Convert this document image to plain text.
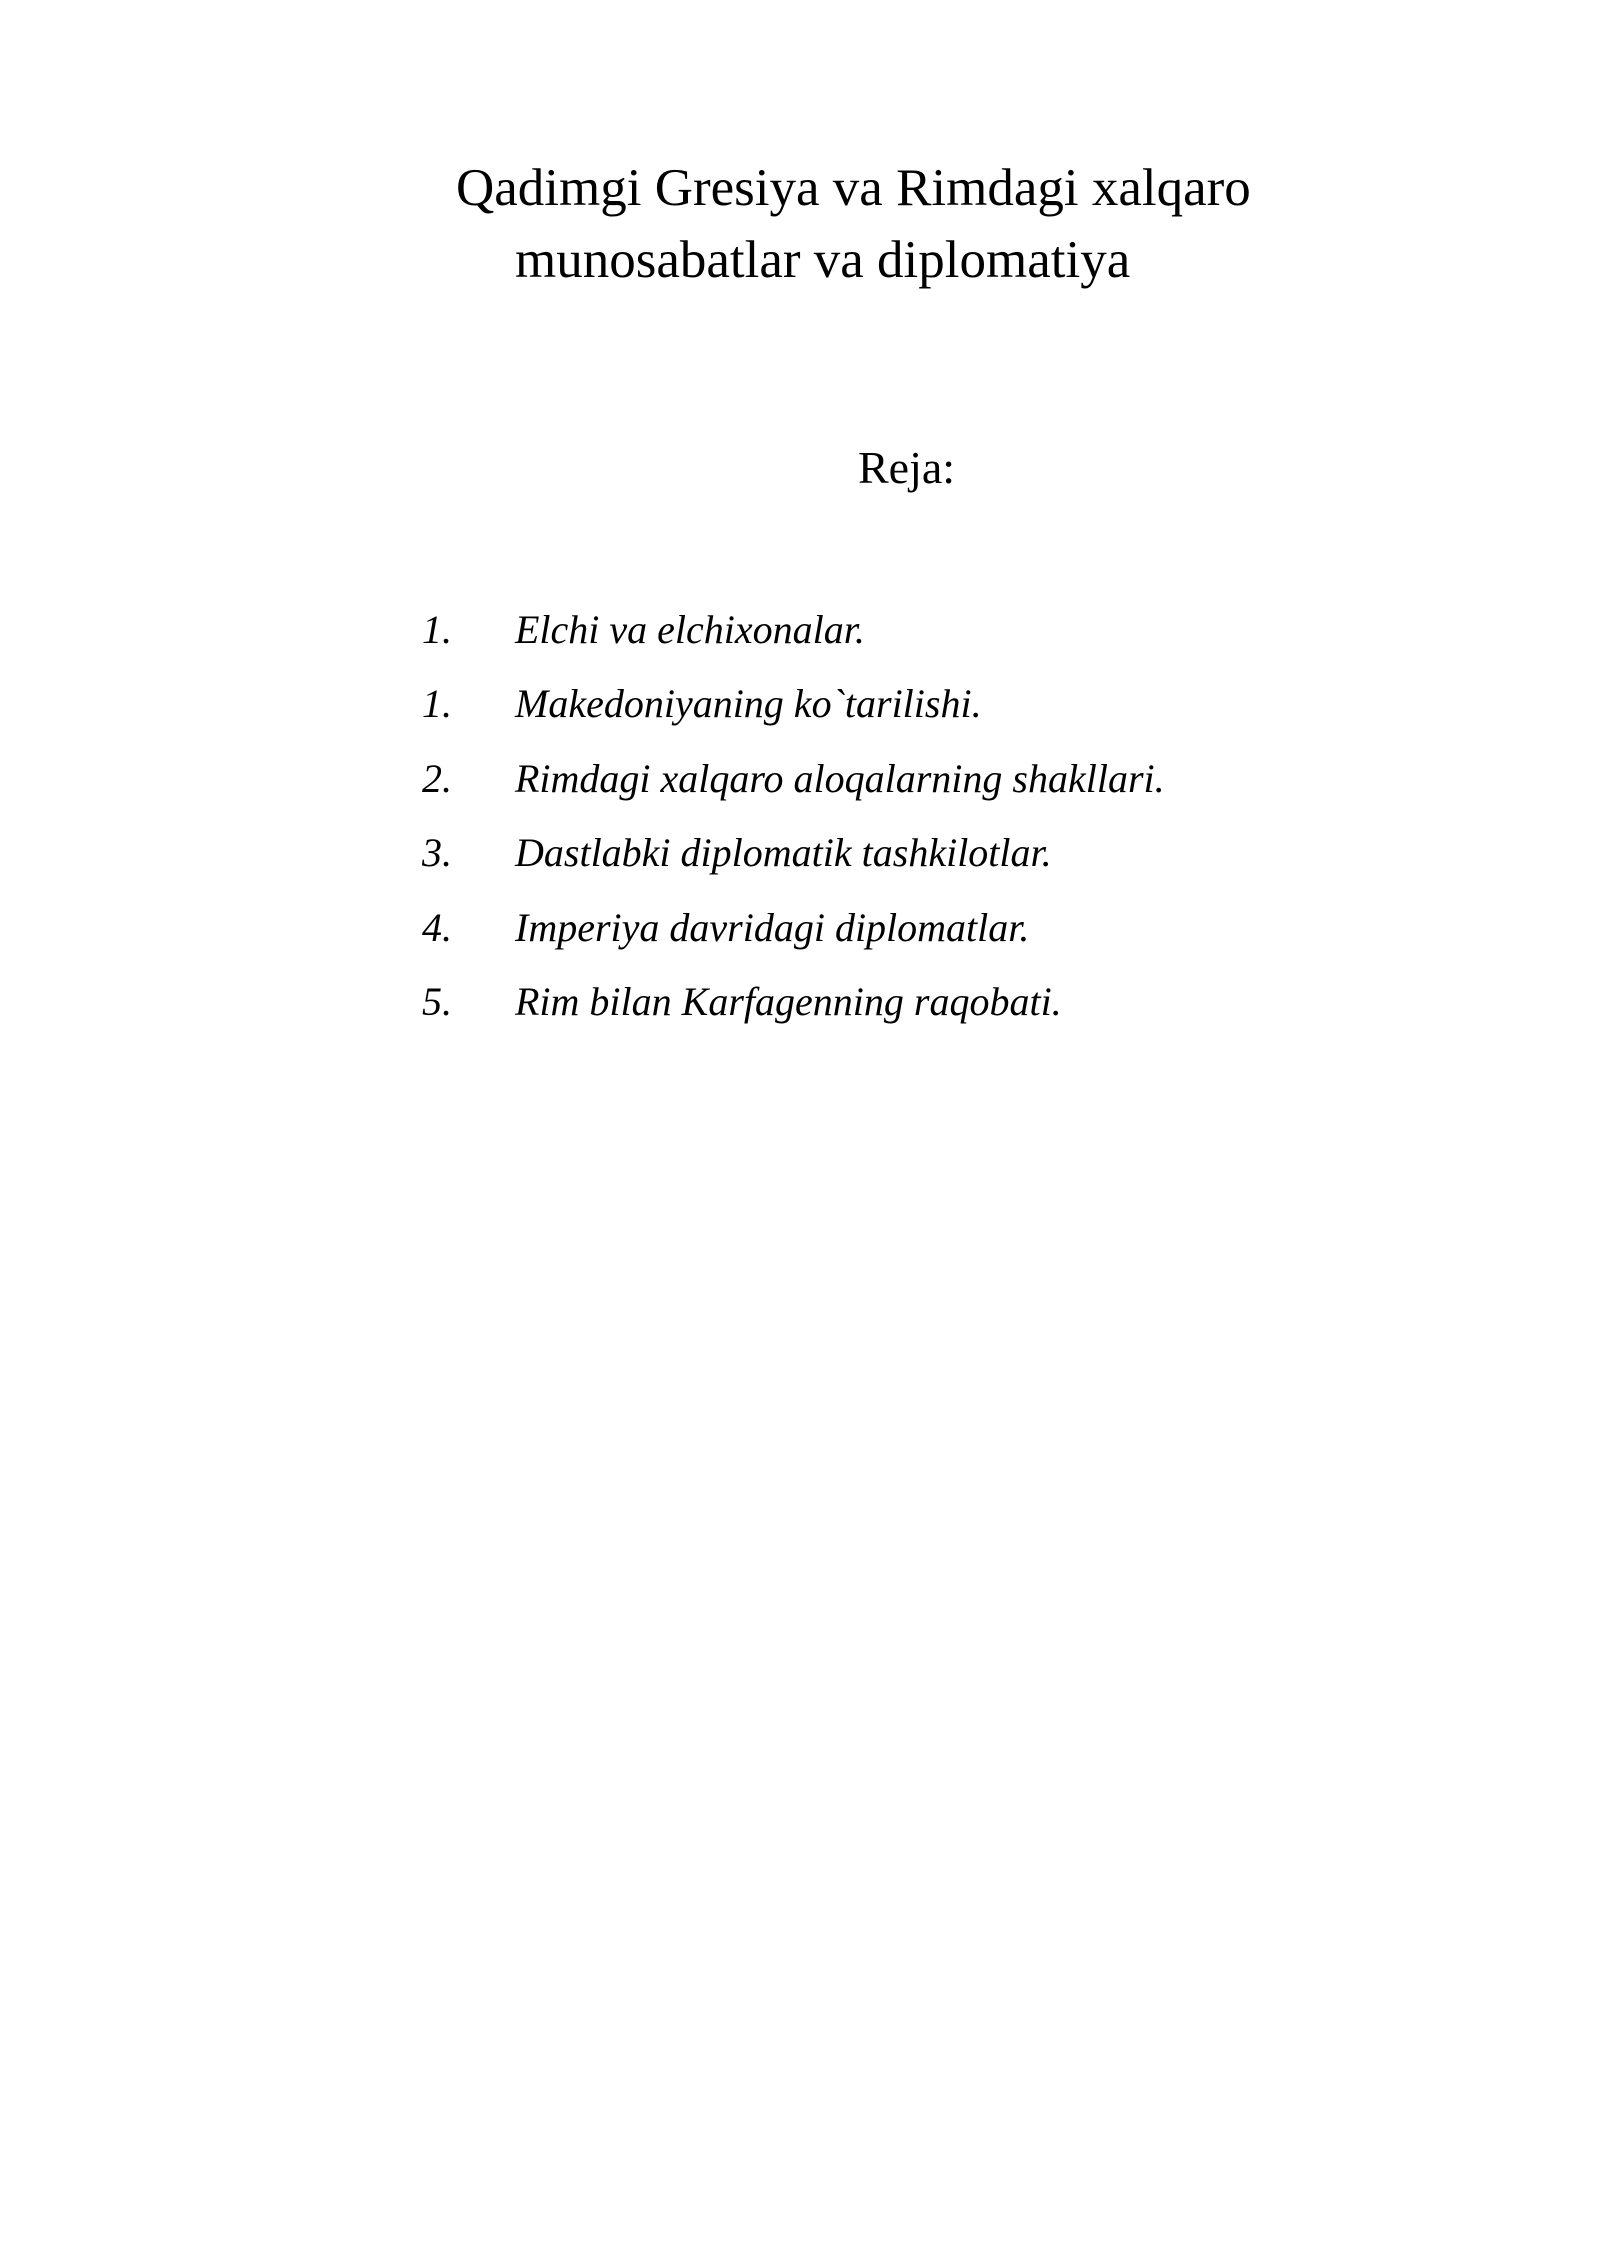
Qadimgi Gresiya va Rimdagi xalqaro
munosabatlar va diplomatiya
Reja:
1. Elchi va elchixonalar.
1. Makedoniyaning ko`tarilishi.
2. Rimdagi xalqaro aloqalarning shakllari.
3. Dastlabki diplomatik tashkilotlar.
4. Imperiya davridagi diplomatlar.
5. Rim bilan Karfagenning raqobati.
